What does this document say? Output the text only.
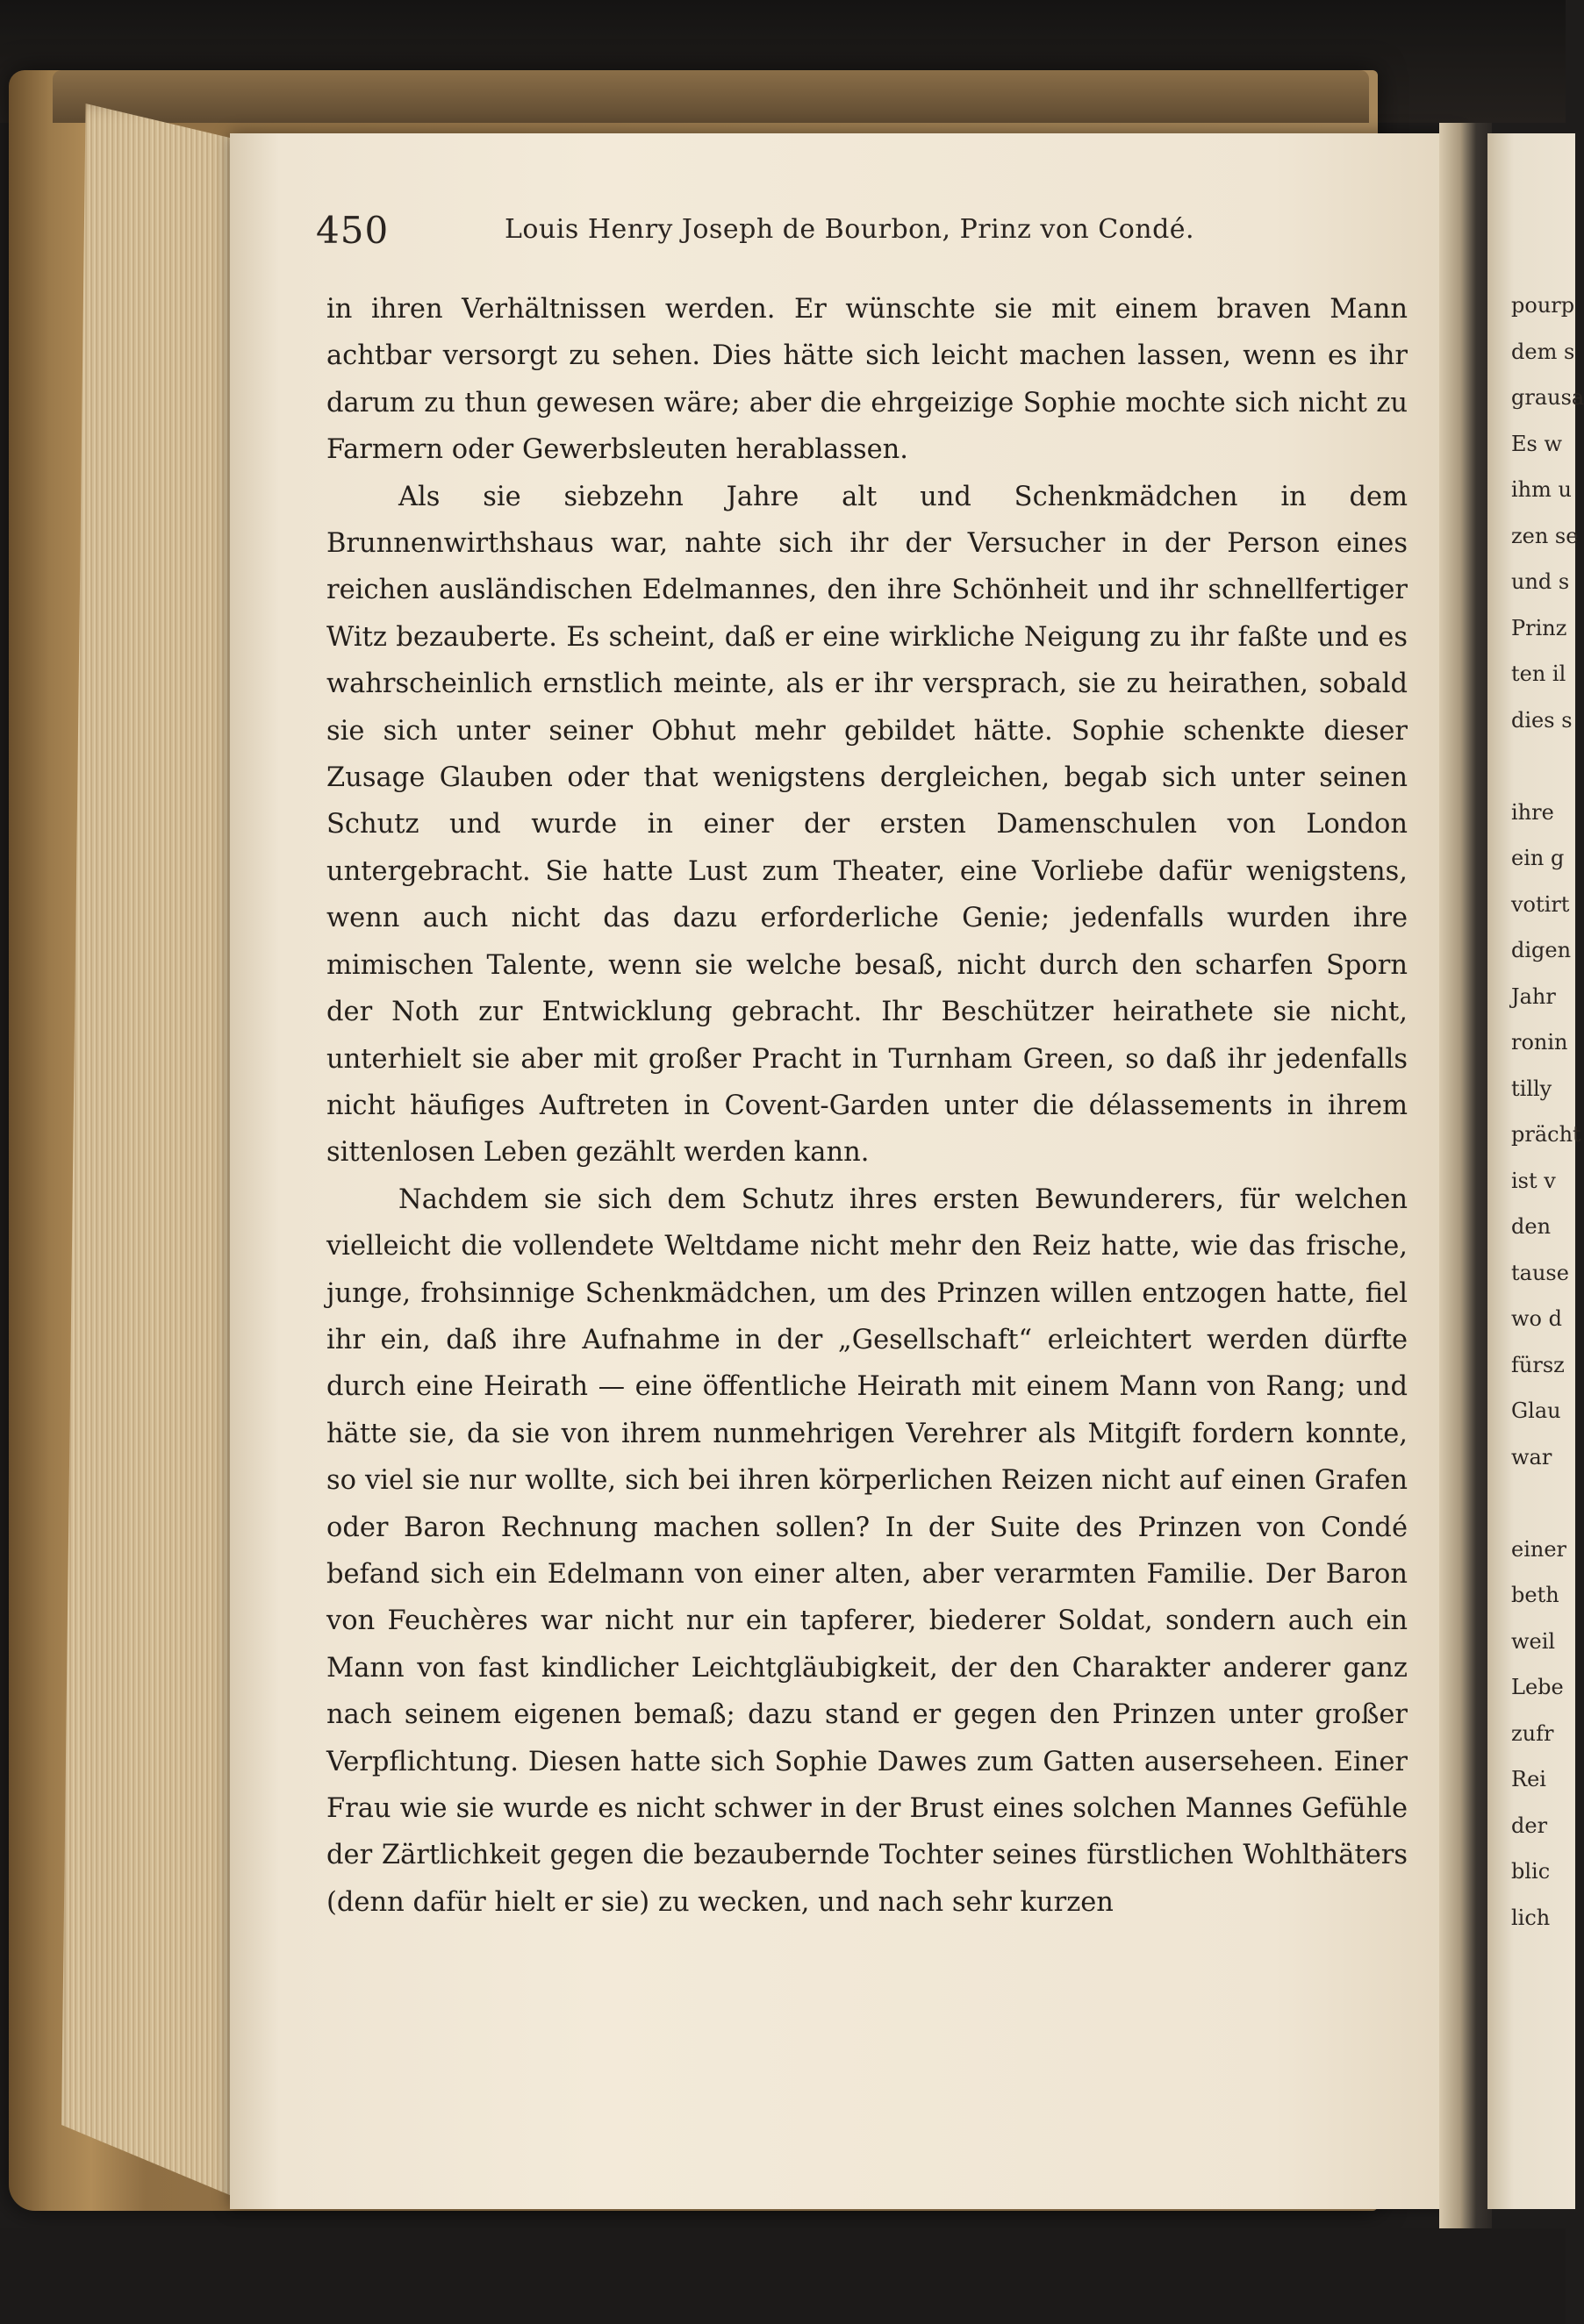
450	Louis Henry Joseph de Bourbon, Prinz von Condé.

in ihren Verhältnissen werden. Er wünschte sie mit einem braven Mann achtbar versorgt zu sehen. Dies hätte sich leicht machen lassen, wenn es ihr darum zu thun gewesen wäre; aber die ehrgeizige Sophie mochte sich nicht zu Farmern oder Gewerbsleuten herablassen.

Als sie siebzehn Jahre alt und Schenkmädchen in dem Brunnenwirthshaus war, nahte sich ihr der Versucher in der Person eines reichen ausländischen Edelmannes, den ihre Schönheit und ihr schnellfertiger Witz bezauberte. Es scheint, daß er eine wirkliche Neigung zu ihr faßte und es wahrscheinlich ernstlich meinte, als er ihr versprach, sie zu heirathen, sobald sie sich unter seiner Obhut mehr gebildet hätte. Sophie schenkte dieser Zusage Glauben oder that wenigstens dergleichen, begab sich unter seinen Schutz und wurde in einer der ersten Damenschulen von London untergebracht. Sie hatte Lust zum Theater, eine Vorliebe dafür wenigstens, wenn auch nicht das dazu erforderliche Genie; jedenfalls wurden ihre mimischen Talente, wenn sie welche besaß, nicht durch den scharfen Sporn der Noth zur Entwicklung gebracht. Ihr Beschützer heirathete sie nicht, unterhielt sie aber mit großer Pracht in Turnham Green, so daß ihr jedenfalls nicht häufiges Auftreten in Covent-Garden unter die délassements in ihrem sittenlosen Leben gezählt werden kann.

Nachdem sie sich dem Schutz ihres ersten Bewunderers, für welchen vielleicht die vollendete Weltdame nicht mehr den Reiz hatte, wie das frische, junge, frohsinnige Schenkmädchen, um des Prinzen willen entzogen hatte, fiel ihr ein, daß ihre Aufnahme in der „Gesellschaft“ erleichtert werden dürfte durch eine Heirath — eine öffentliche Heirath mit einem Mann von Rang; und hätte sie, da sie von ihrem nunmehrigen Verehrer als Mitgift fordern konnte, so viel sie nur wollte, sich bei ihren körperlichen Reizen nicht auf einen Grafen oder Baron Rechnung machen sollen? In der Suite des Prinzen von Condé befand sich ein Edelmann von einer alten, aber verarmten Familie. Der Baron von Feuchères war nicht nur ein tapferer, biederer Soldat, sondern auch ein Mann von fast kindlicher Leichtgläubigkeit, der den Charakter anderer ganz nach seinem eigenen bemaß; dazu stand er gegen den Prinzen unter großer Verpflichtung. Diesen hatte sich Sophie Dawes zum Gatten auserseheen. Einer Frau wie sie wurde es nicht schwer in der Brust eines solchen Mannes Gefühle der Zärtlichkeit gegen die bezaubernde Tochter seines fürstlichen Wohlthäters (denn dafür hielt er sie) zu wecken, und nach sehr kurzen

pourp
dem s
grausa
Es w
ihm u
zen se
und s
Prinz
ten il
dies s
ihre
ein g
votirt
digen
Jahr
ronin
tilly
prächt
ist v
den
tause
wo d
fürsz
Glau
war
einer
beth
weil
Lebe
zufr
Rei
der
blic
lich
